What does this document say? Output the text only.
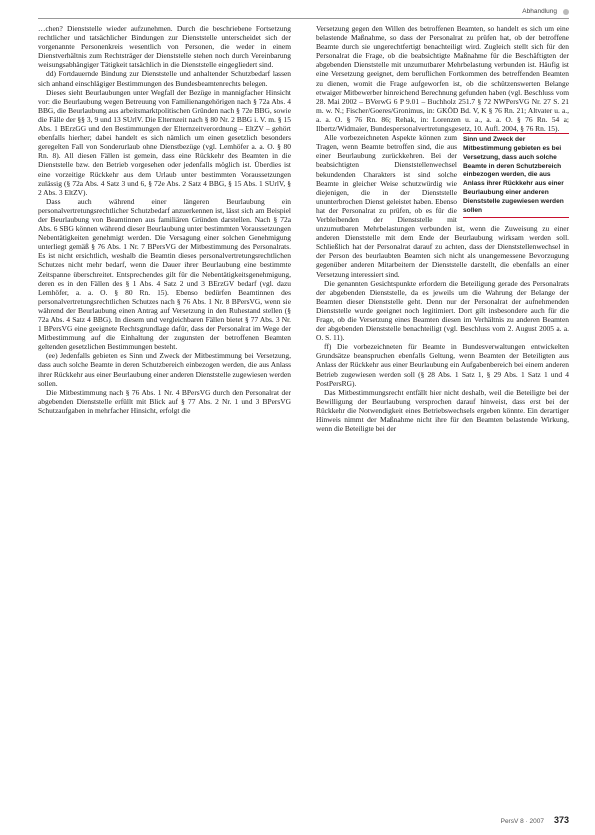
Abhandlung

…chen? Dienststelle wieder aufzunehmen. Durch die beschriebene Fortsetzung rechtlicher und tatsächlicher Bindungen zur Dienststelle unterscheidet sich der vorgenannte Personenkreis wesentlich von Personen, die weder in einem Dienstverhältnis zum Rechtsträger der Dienststelle stehen noch durch Vereinbarung weisungsabhängiger Tätigkeit tatsächlich in die Dienststelle eingegliedert sind.

dd) Fortdauernde Bindung zur Dienststelle und anhaltender Schutzbedarf lassen sich anhand einschlägiger Bestimmungen des Bundesbeamtenrechts belegen.

Dieses sieht Beurlaubungen unter Wegfall der Bezüge in mannigfacher Hinsicht vor: die Beurlaubung wegen Betreuung von Familienangehörigen nach § 72a Abs. 4 BBG, die Beurlaubung aus arbeitsmarktpolitischen Gründen nach § 72e BBG, sowie die Fälle der §§ 3, 9 und 13 SUrlV. Die Elternzeit nach § 80 Nr. 2 BBG i. V. m. § 15 Abs. 1 BErzGG und den Bestimmungen der Elternzeitverordnung – EltZV – gehört ebenfalls hierher; dabei handelt es sich nämlich um einen gesetzlich besonders geregelten Fall von Sonderurlaub ohne Dienstbezüge (vgl. Lemhöfer a. a. O. § 80 Rn. 8). All diesen Fällen ist gemein, dass eine Rückkehr des Beamten in die Dienststelle bzw. den Betrieb vorgesehen oder jedenfalls möglich ist. Überdies ist eine vorzeitige Rückkehr aus dem Urlaub unter bestimmten Voraussetzungen zulässig (§ 72a Abs. 4 Satz 3 und 6, § 72e Abs. 2 Satz 4 BBG, § 15 Abs. 1 SUrlV, § 2 Abs. 3 EltZV).

Dass auch während einer längeren Beurlaubung ein personalvertretungsrechtlicher Schutzbedarf anzuerkennen ist, lässt sich am Beispiel der Beurlaubung von Beamtinnen aus familiären Gründen darstellen. Nach § 72a Abs. 6 SBG können während dieser Beurlaubung unter bestimmten Voraussetzungen Nebentätigkeiten genehmigt werden. Die Versagung einer solchen Genehmigung unterliegt gemäß § 76 Abs. 1 Nr. 7 BPersVG der Mitbestimmung des Personalrats. Es ist nicht ersichtlich, weshalb die Beamtin dieses personalvertretungsrechtlichen Schutzes nicht mehr bedarf, wenn die Dauer ihrer Beurlaubung eine bestimmte Zeitspanne überschreitet. Entsprechendes gilt für die Nebentätigkeitsgenehmigung, deren es in den Fällen des § 1 Abs. 4 Satz 2 und 3 BErzGV bedarf (vgl. dazu Lemhöfer, a. a. O. § 80 Rn. 15). Ebenso bedürfen Beamtinnen des personalvertretungsrechtlichen Schutzes nach § 76 Abs. 1 Nr. 8 BPersVG, wenn sie während der Beurlaubung einen Antrag auf Versetzung in den Ruhestand stellen (§ 72a Abs. 4 Satz 4 BBG). In diesem und vergleichbaren Fällen bietet § 77 Abs. 3 Nr. 1 BPersVG eine geeignete Rechtsgrundlage dafür, dass der Personalrat im Wege der Mitbestimmung auf die Einhaltung der zugunsten der betroffenen Beamten geltenden gesetzlichen Bestimmungen besteht.

(ee) Jedenfalls gebieten es Sinn und Zweck der Mitbestimmung bei Versetzung, dass auch solche Beamte in deren Schutzbereich einbezogen werden, die aus Anlass ihrer Rückkehr aus einer Beurlaubung einer anderen Dienststelle zugewiesen werden sollen.

Die Mitbestimmung nach § 76 Abs. 1 Nr. 4 BPersVG durch den Personalrat der abgebenden Dienststelle erfüllt mit Blick auf § 77 Abs. 2 Nr. 1 und 3 BPersVG Schutzaufgaben in mehrfacher Hinsicht, erfolgt die

Versetzung gegen den Willen des betroffenen Beamten, so handelt es sich um eine belastende Maßnahme, so dass der Personalrat zu prüfen hat, ob der betroffene Beamte durch sie ungerechtfertigt benachteiligt wird. Zugleich stellt sich für den Personalrat die Frage, ob die beabsichtigte Maßnahme für die Beschäftigten der abgebenden Dienststelle mit unzumutbarer Mehrbelastung verbunden ist. Häufig ist eine Versetzung geeignet, dem beruflichen Fortkommen des betreffenden Beamten zu dienen, womit die Frage aufgeworfen ist, ob die schützenswerten Belange etwaiger Mitbewerber hinreichend Berechnung gefunden haben (vgl. Beschluss vom 28. Mai 2002 – BVerwG 6 P 9.01 – Buchholz 251.7 § 72 NWPersVG Nr. 27 S. 21 m. w. N.; Fischer/Goeres/Gronimus, in: GKÖD Bd. V, K § 76 Rn. 21; Altvater u. a., a. a. O. § 76 Rn. 86; Rehak, in: Lorenzen u. a., a. a. O. § 76 Rn. 54 a; Ilbertz/Widmaier, Bundespersonalvertretungsgesetz, 10. Aufl. 2004, § 76 Rn. 15).

Sinn und Zweck der Mitbestimmung gebieten es bei Versetzung, dass auch solche Beamte in deren Schutzbereich einbezogen werden, die aus Anlass ihrer Rückkehr aus einer Beurlaubung einer anderen Dienststelle zugewiesen werden sollen

Alle vorbezeichneten Aspekte können zum Tragen, wenn Beamte betroffen sind, die aus einer Beurlaubung zurückkehren. Bei der beabsichtigten Dienststellenwechsel bekundenden Charakters ist sind solche Beamte in gleicher Weise schutzwürdig wie diejenigen, die in der Dienststelle ununterbrochen Dienst geleistet haben. Ebenso hat der Personalrat zu prüfen, ob es für die Verbleibenden der Dienststelle mit unzumutbaren Mehrbelastungen verbunden ist, wenn die Zuweisung zu einer anderen Dienststelle mit dem Ende der Beurlaubung wirksam werden soll. Schließlich hat der Personalrat darauf zu achten, dass der Dienststellenwechsel in der Person des beurlaubten Beamten sich nicht als unangemessene Bevorzugung gegenüber anderen Mitarbeitern der Dienststelle darstellt, die ebenfalls an einer Versetzung interessiert sind.

Die genannten Gesichtspunkte erfordern die Beteiligung gerade des Personalrats der abgebenden Dienststelle, da es jeweils um die Wahrung der Belange der Beamten dieser Dienststelle geht. Denn nur der Personalrat der aufnehmenden Dienststelle wurde geeignet noch legitimiert. Dort gilt insbesondere auch für die Frage, ob die Versetzung eines Beamten diesen im Verhältnis zu anderen Beamten der abgebenden Dienststelle benachteiligt (vgl. Beschluss vom 2. August 2005 a. a. O. S. 11).

ff) Die vorbezeichneten für Beamte in Bundesverwaltungen entwickelten Grundsätze beanspruchen ebenfalls Geltung, wenn Beamten der Beteiligten aus Anlass der Rückkehr aus einer Beurlaubung ein Aufgabenbereich bei einem anderen Betrieb zugewiesen werden soll (§ 28 Abs. 1 Satz 1, § 29 Abs. 1 Satz 1 und 4 PostPersRG).

Das Mitbestimmungsrecht entfällt hier nicht deshalb, weil die Beteiligte bei der Bewilligung der Beurlaubung versprochen darauf hinweist, dass erst bei der Rückkehr die Notwendigkeit eines Betriebswechsels ergeben könnte. Ein derartiger Hinweis nimmt der Maßnahme nicht ihre für den Beamten belastende Wirkung, wenn die Beteiligte bei der

PersV 8 · 2007 373
